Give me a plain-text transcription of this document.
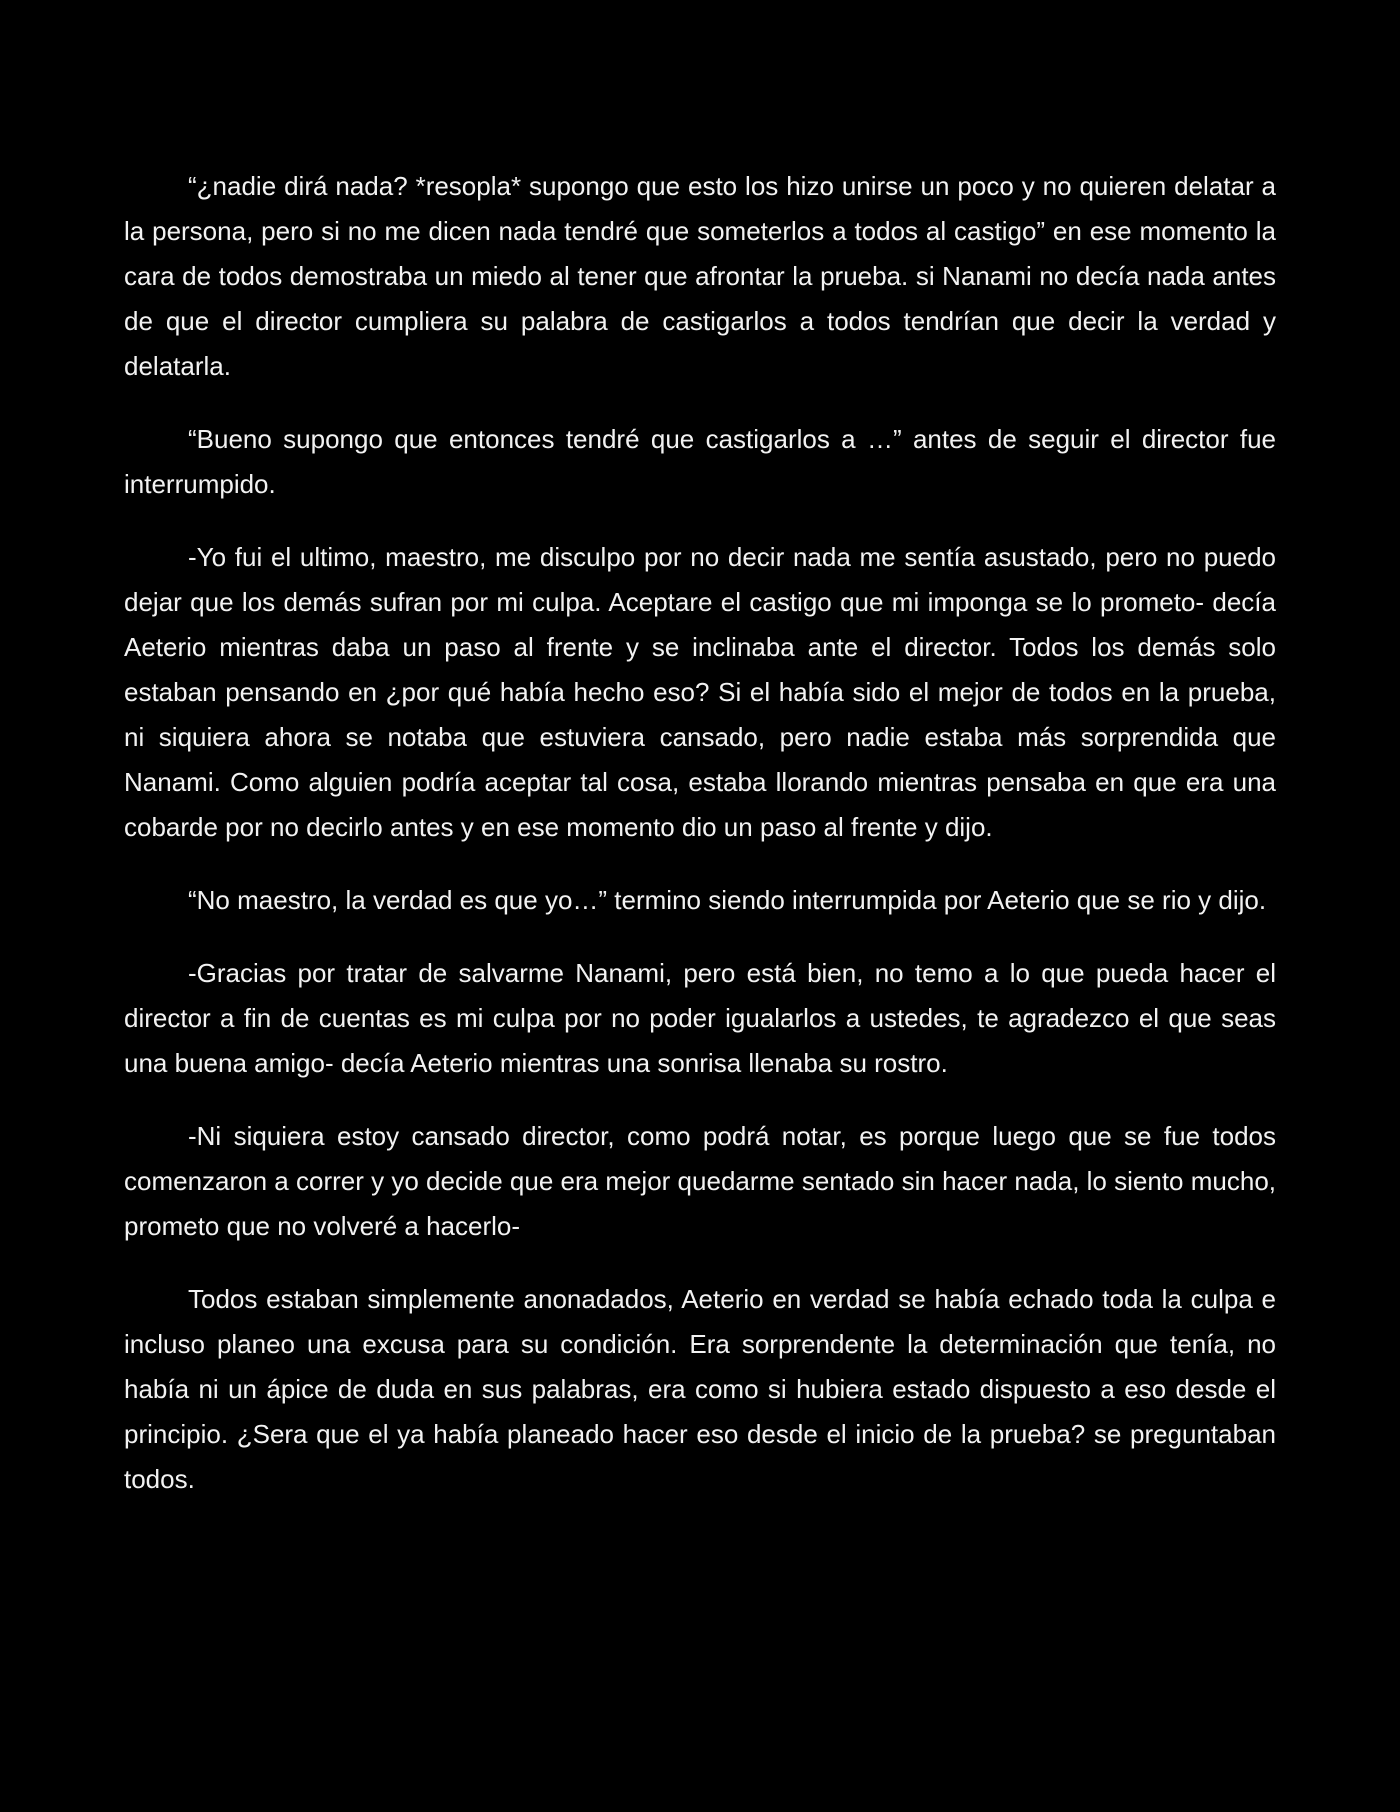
“¿nadie dirá nada? *resopla* supongo que esto los hizo unirse un poco y no quieren delatar a la persona, pero si no me dicen nada tendré que someterlos a todos al castigo” en ese momento la cara de todos demostraba un miedo al tener que afrontar la prueba. si Nanami no decía nada antes de que el director cumpliera su palabra de castigarlos a todos tendrían que decir la verdad y delatarla.

“Bueno supongo que entonces tendré que castigarlos a …” antes de seguir el director fue interrumpido.

-Yo fui el ultimo, maestro, me disculpo por no decir nada me sentía asustado, pero no puedo dejar que los demás sufran por mi culpa. Aceptare el castigo que mi imponga se lo prometo- decía Aeterio mientras daba un paso al frente y se inclinaba ante el director. Todos los demás solo estaban pensando en ¿por qué había hecho eso? Si el había sido el mejor de todos en la prueba, ni siquiera ahora se notaba que estuviera cansado, pero nadie estaba más sorprendida que Nanami. Como alguien podría aceptar tal cosa, estaba llorando mientras pensaba en que era una cobarde por no decirlo antes y en ese momento dio un paso al frente y dijo.

“No maestro, la verdad es que yo…” termino siendo interrumpida por Aeterio que se rio y dijo.

-Gracias por tratar de salvarme Nanami, pero está bien, no temo a lo que pueda hacer el director a fin de cuentas es mi culpa por no poder igualarlos a ustedes, te agradezco el que seas una buena amigo- decía Aeterio mientras una sonrisa llenaba su rostro.

-Ni siquiera estoy cansado director, como podrá notar, es porque luego que se fue todos comenzaron a correr y yo decide que era mejor quedarme sentado sin hacer nada, lo siento mucho, prometo que no volveré a hacerlo-

Todos estaban simplemente anonadados, Aeterio en verdad se había echado toda la culpa e incluso planeo una excusa para su condición. Era sorprendente la determinación que tenía, no había ni un ápice de duda en sus palabras, era como si hubiera estado dispuesto a eso desde el principio. ¿Sera que el ya había planeado hacer eso desde el inicio de la prueba? se preguntaban todos.
